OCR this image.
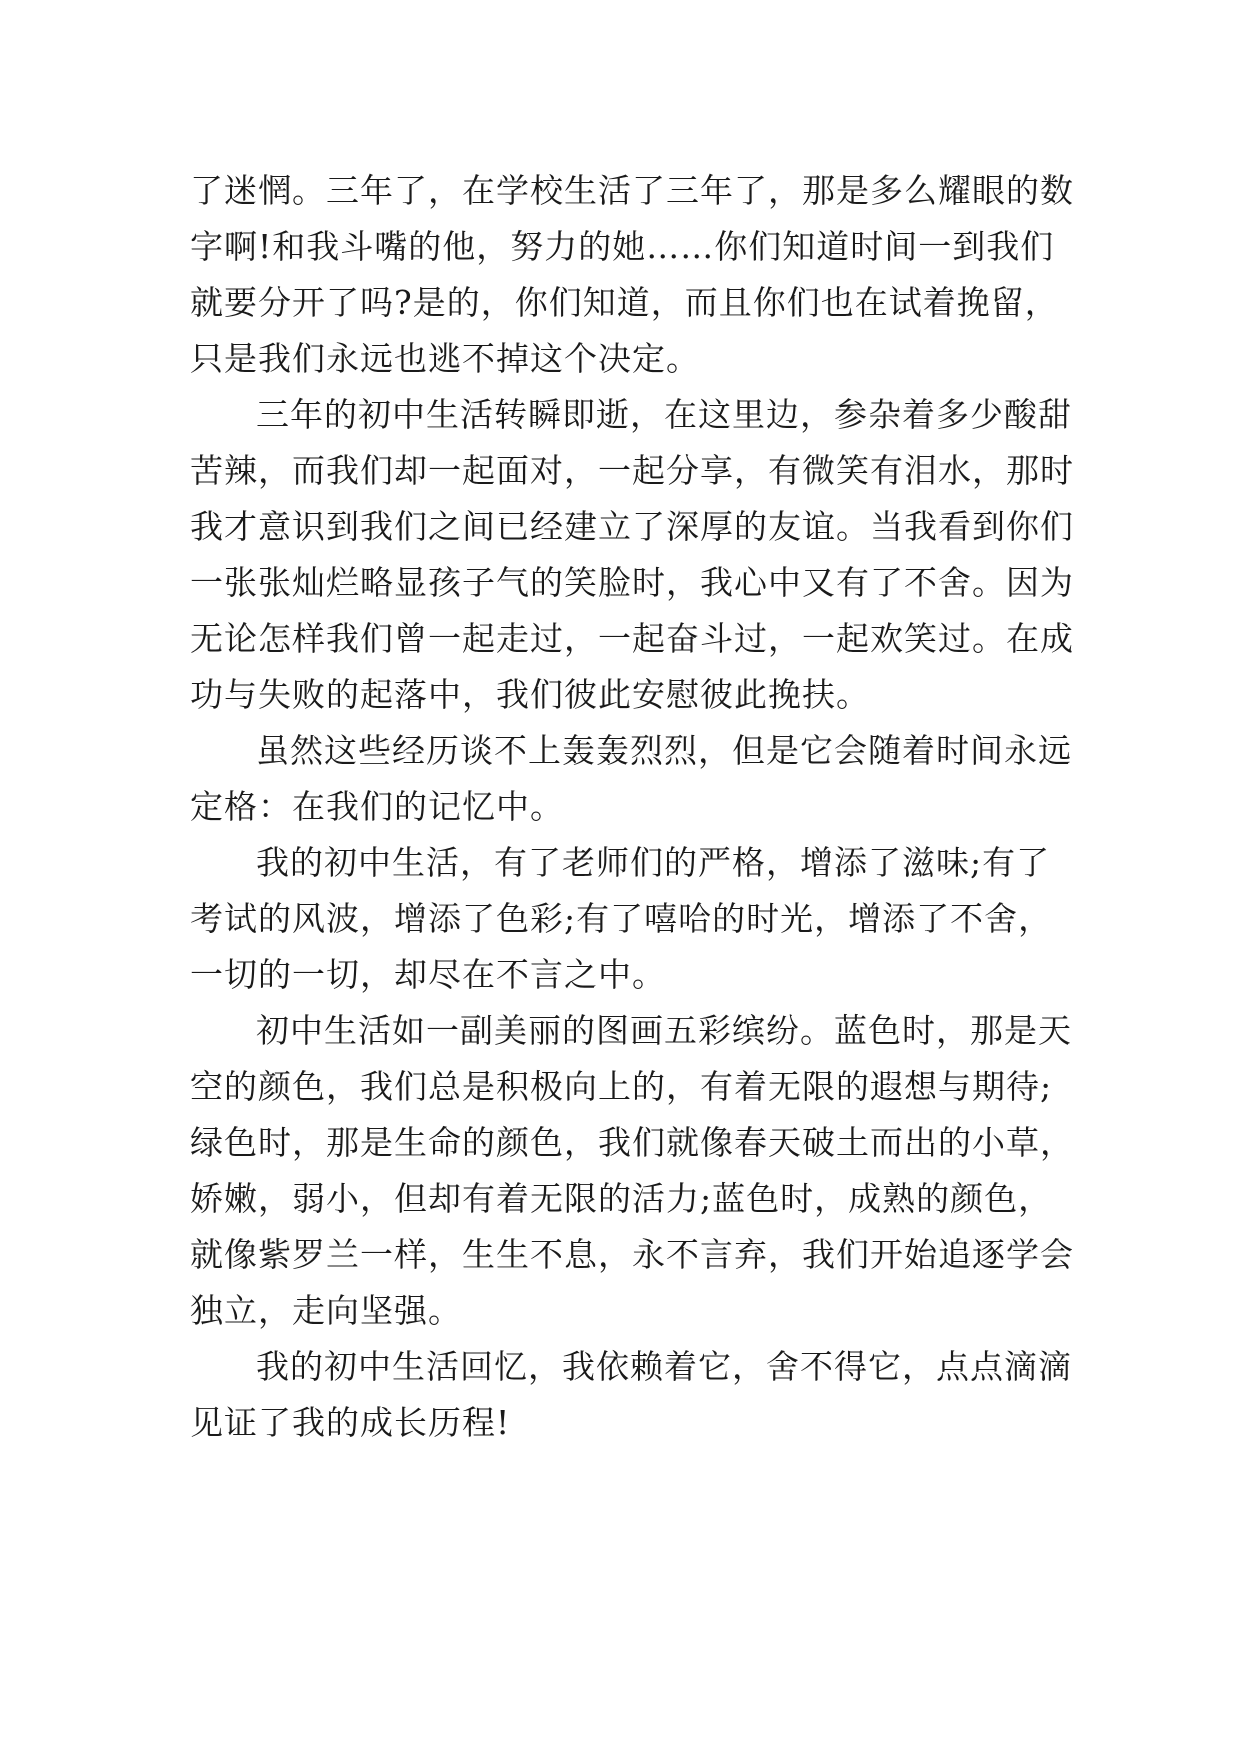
了迷惘。三年了，在学校生活了三年了，那是多么耀眼的数
字啊!和我斗嘴的他，努力的她……你们知道时间一到我们
就要分开了吗?是的，你们知道，而且你们也在试着挽留，
只是我们永远也逃不掉这个决定。
三年的初中生活转瞬即逝，在这里边，参杂着多少酸甜
苦辣，而我们却一起面对，一起分享，有微笑有泪水，那时
我才意识到我们之间已经建立了深厚的友谊。当我看到你们
一张张灿烂略显孩子气的笑脸时，我心中又有了不舍。因为
无论怎样我们曾一起走过，一起奋斗过，一起欢笑过。在成
功与失败的起落中，我们彼此安慰彼此挽扶。
虽然这些经历谈不上轰轰烈烈，但是它会随着时间永远
定格：在我们的记忆中。
我的初中生活，有了老师们的严格，增添了滋味;有了
考试的风波，增添了色彩;有了嘻哈的时光，增添了不舍，
一切的一切，却尽在不言之中。
初中生活如一副美丽的图画五彩缤纷。蓝色时，那是天
空的颜色，我们总是积极向上的，有着无限的遐想与期待;
绿色时，那是生命的颜色，我们就像春天破土而出的小草，
娇嫩，弱小，但却有着无限的活力;蓝色时，成熟的颜色，
就像紫罗兰一样，生生不息，永不言弃，我们开始追逐学会
独立，走向坚强。
我的初中生活回忆，我依赖着它，舍不得它，点点滴滴
见证了我的成长历程!
